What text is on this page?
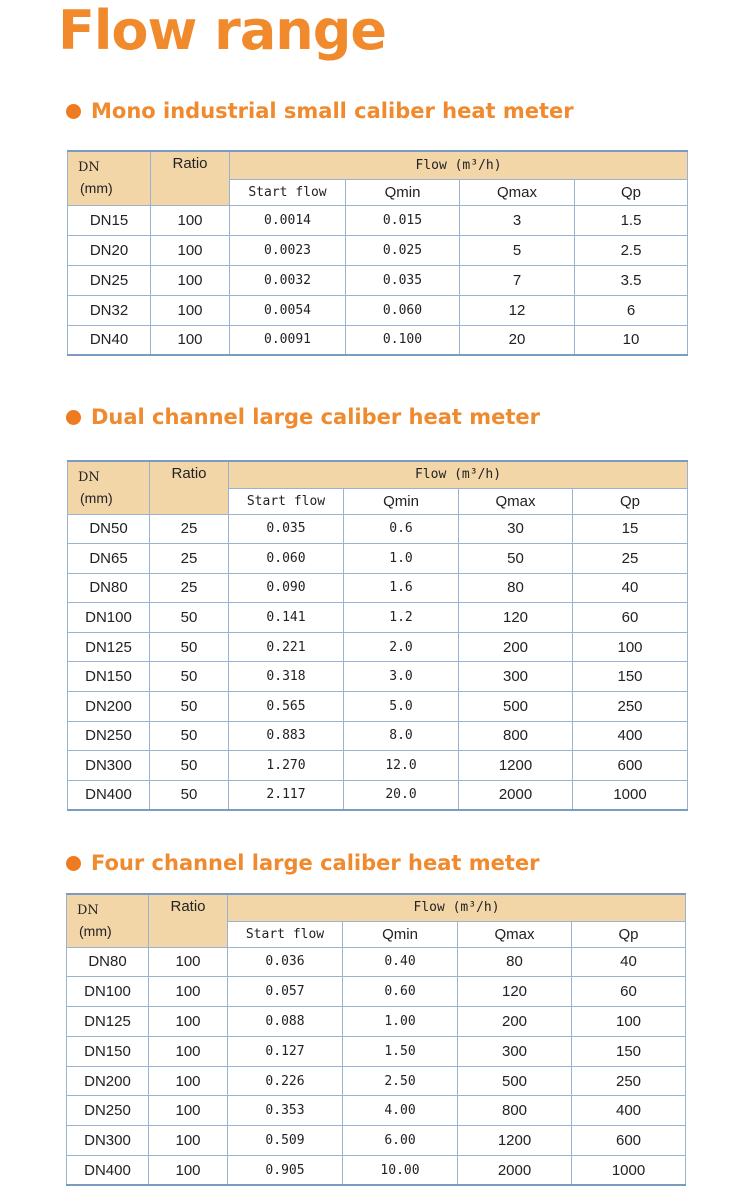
Flow range
Mono industrial small caliber heat meter
DN
(mm)	Ratio	Flow (m³/h)			
		Start flow	Qmin	Qmax	Qp
DN15	100	0.0014	0.015	3	1.5
DN20	100	0.0023	0.025	5	2.5
DN25	100	0.0032	0.035	7	3.5
DN32	100	0.0054	0.060	12	6
DN40	100	0.0091	0.100	20	10
Dual channel large caliber heat meter
DN
(mm)	Ratio	Flow (m³/h)			
		Start flow	Qmin	Qmax	Qp
DN50	25	0.035	0.6	30	15
DN65	25	0.060	1.0	50	25
DN80	25	0.090	1.6	80	40
DN100	50	0.141	1.2	120	60
DN125	50	0.221	2.0	200	100
DN150	50	0.318	3.0	300	150
DN200	50	0.565	5.0	500	250
DN250	50	0.883	8.0	800	400
DN300	50	1.270	12.0	1200	600
DN400	50	2.117	20.0	2000	1000
Four channel large caliber heat meter
DN
(mm)	Ratio	Flow (m³/h)			
		Start flow	Qmin	Qmax	Qp
DN80	100	0.036	0.40	80	40
DN100	100	0.057	0.60	120	60
DN125	100	0.088	1.00	200	100
DN150	100	0.127	1.50	300	150
DN200	100	0.226	2.50	500	250
DN250	100	0.353	4.00	800	400
DN300	100	0.509	6.00	1200	600
DN400	100	0.905	10.00	2000	1000
